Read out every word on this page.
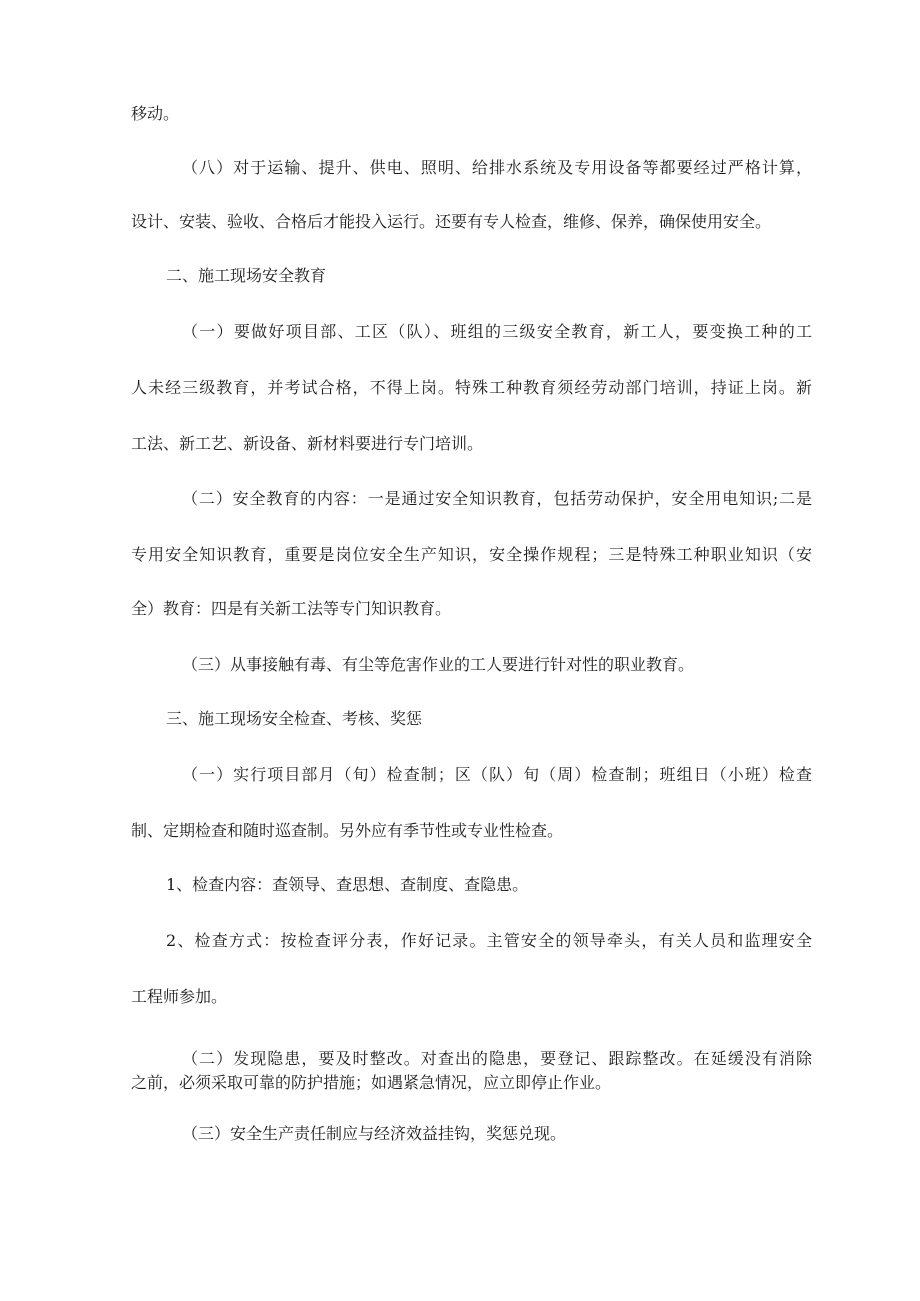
移动。

（八）对于运输、提升、供电、照明、给排水系统及专用设备等都要经过严格计算，

设计、安装、验收、合格后才能投入运行。还要有专人检查，维修、保养，确保使用安全。

二、施工现场安全教育

（一）要做好项目部、工区（队）、班组的三级安全教育，新工人，要变换工种的工

人未经三级教育，并考试合格，不得上岗。特殊工种教育须经劳动部门培训，持证上岗。新

工法、新工艺、新设备、新材料要进行专门培训。

（二）安全教育的内容：一是通过安全知识教育，包括劳动保护，安全用电知识;二是

专用安全知识教育，重要是岗位安全生产知识，安全操作规程；三是特殊工种职业知识（安

全）教育：四是有关新工法等专门知识教育。

（三）从事接触有毒、有尘等危害作业的工人要进行针对性的职业教育。

三、施工现场安全检查、考核、奖惩

（一）实行项目部月（旬）检查制；区（队）旬（周）检查制；班组日（小班）检查

制、定期检查和随时巡查制。另外应有季节性或专业性检查。

1、检查内容：查领导、查思想、查制度、查隐患。

2、检查方式：按检查评分表，作好记录。主管安全的领导牵头，有关人员和监理安全

工程师参加。

（二）发现隐患，要及时整改。对查出的隐患，要登记、跟踪整改。在延缓没有消除

之前，必须采取可靠的防护措施；如遇紧急情况，应立即停止作业。

（三）安全生产责任制应与经济效益挂钩，奖惩兑现。
